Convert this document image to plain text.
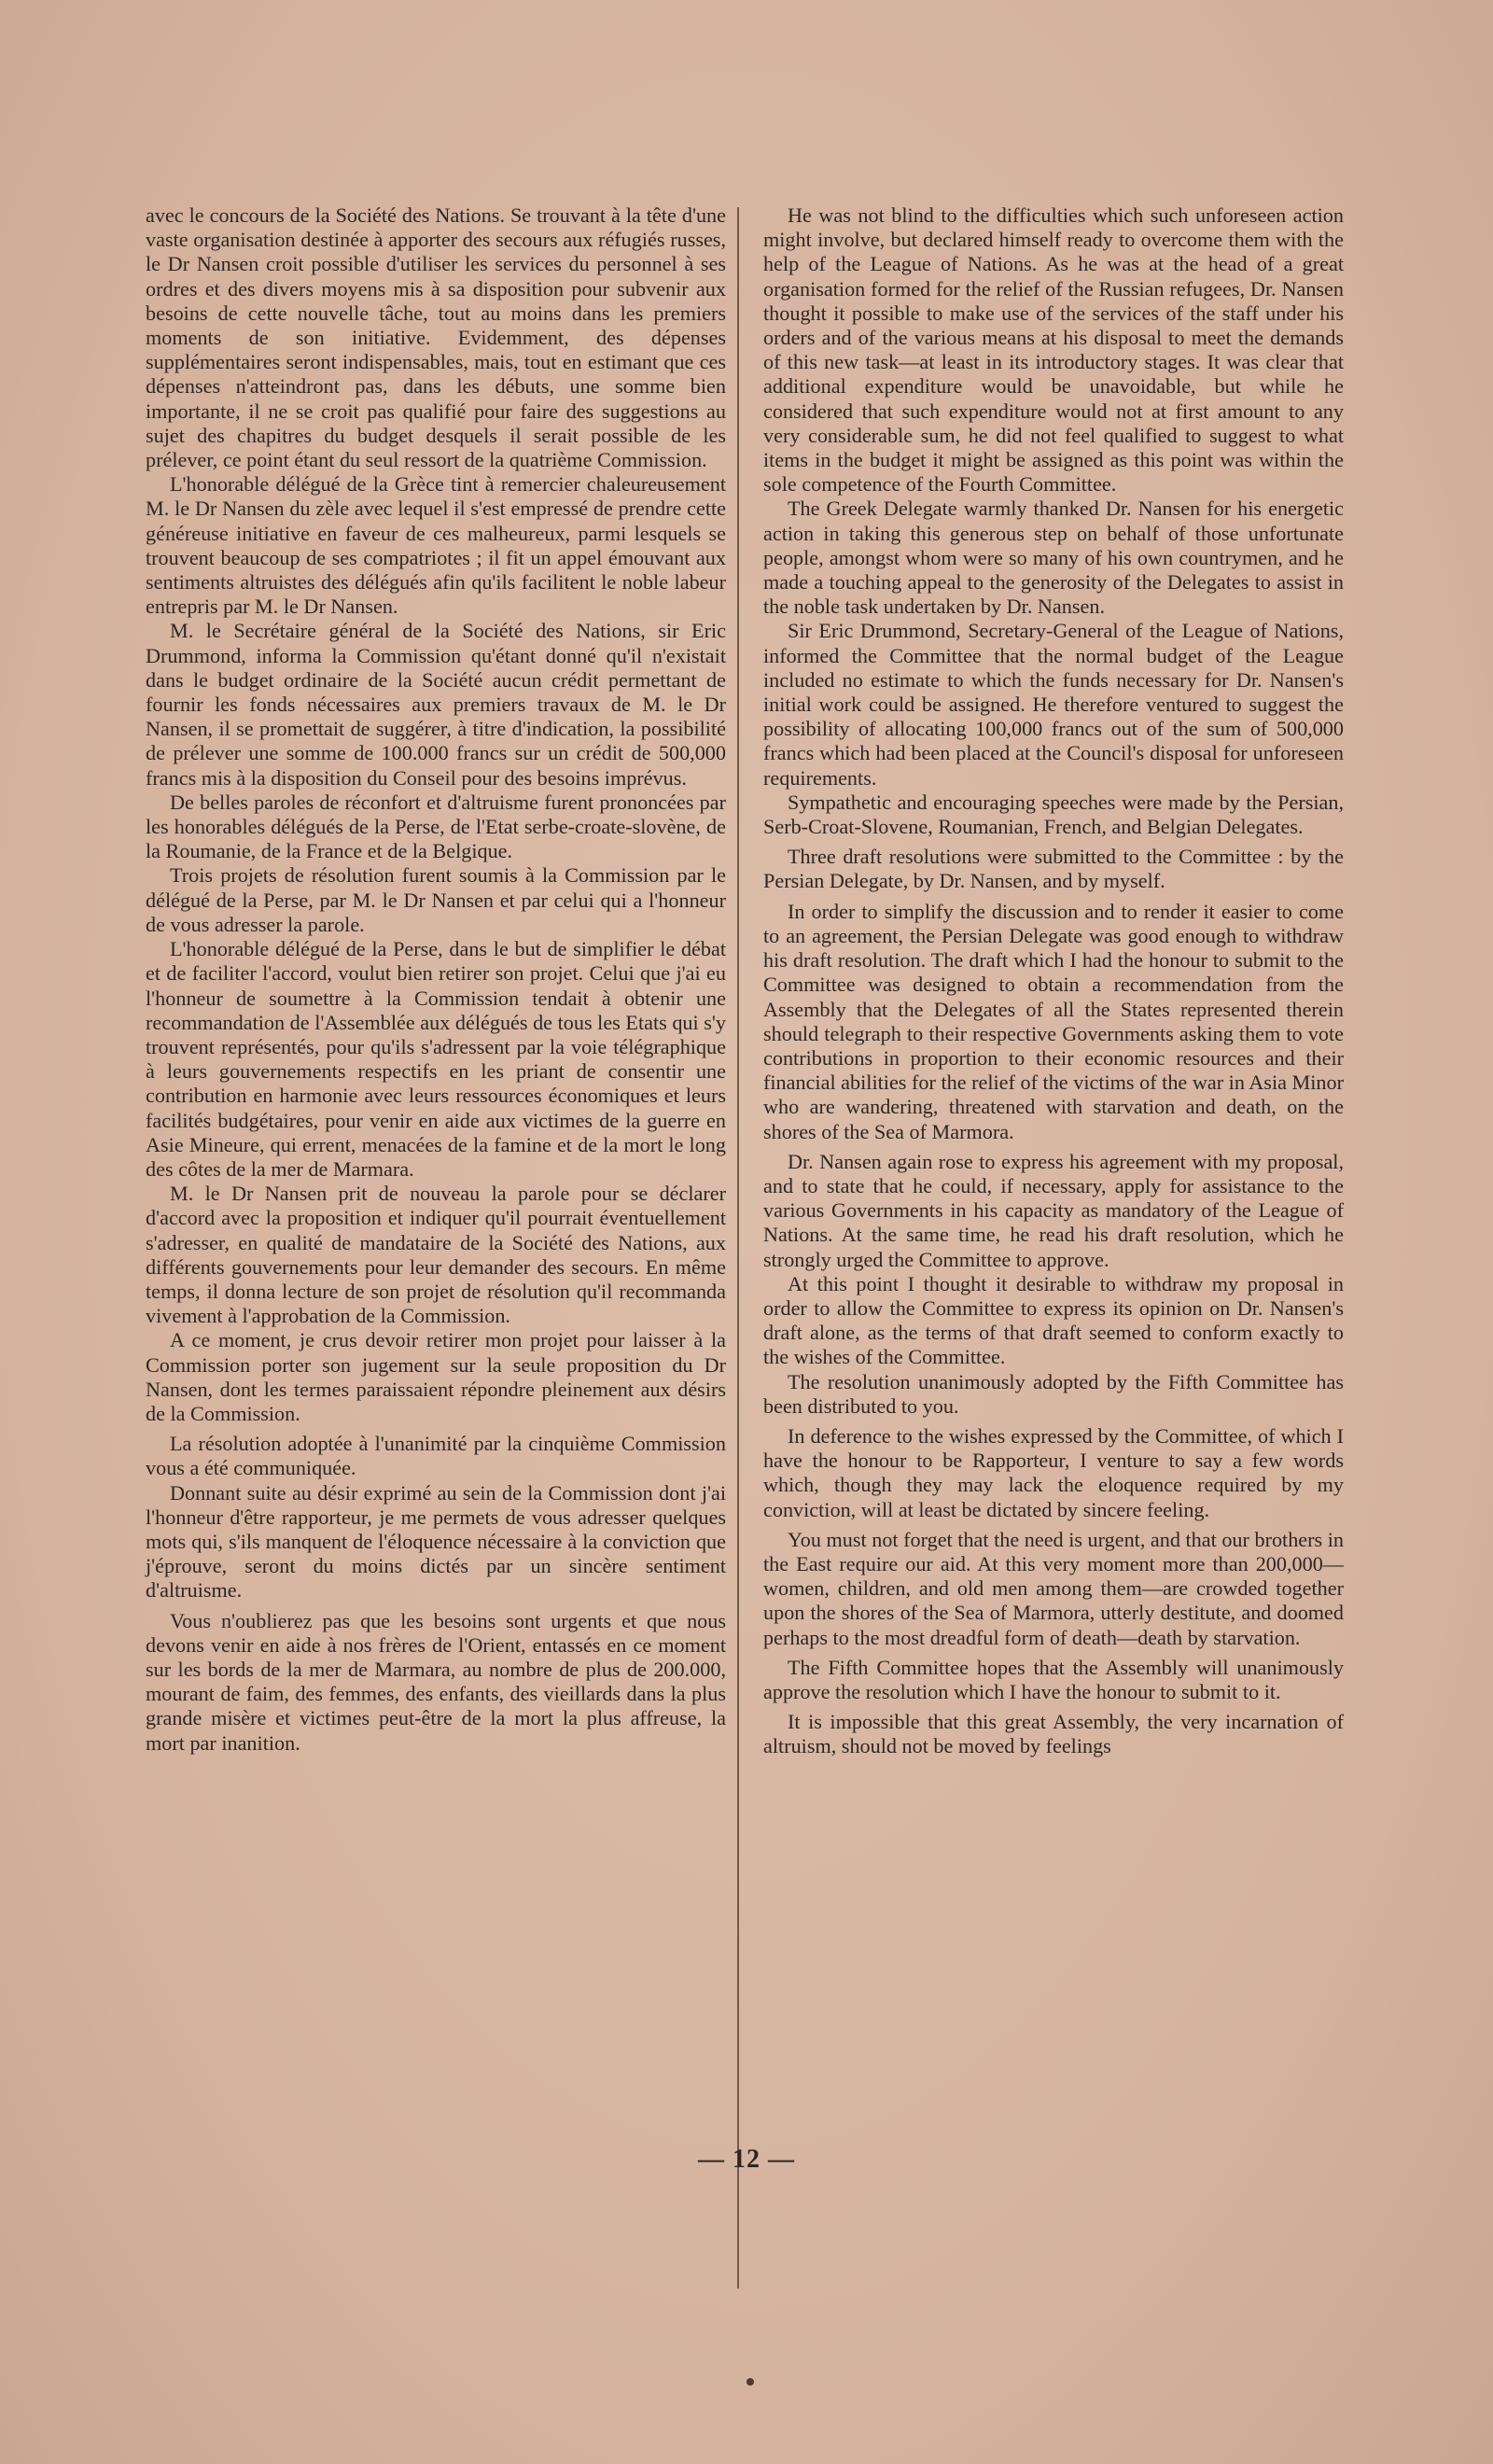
avec le concours de la Société des Nations. Se trouvant à la tête d'une vaste organisation destinée à apporter des secours aux réfugiés russes, le Dr Nansen croit possible d'utiliser les services du personnel à ses ordres et des divers moyens mis à sa disposition pour subvenir aux besoins de cette nouvelle tâche, tout au moins dans les premiers moments de son initiative. Evidemment, des dépenses supplémentaires seront indispensables, mais, tout en estimant que ces dépenses n'atteindront pas, dans les débuts, une somme bien importante, il ne se croit pas qualifié pour faire des suggestions au sujet des chapitres du budget desquels il serait possible de les prélever, ce point étant du seul ressort de la quatrième Commission.

L'honorable délégué de la Grèce tint à remercier chaleureusement M. le Dr Nansen du zèle avec lequel il s'est empressé de prendre cette généreuse initiative en faveur de ces malheureux, parmi lesquels se trouvent beaucoup de ses compatriotes ; il fit un appel émouvant aux sentiments altruistes des délégués afin qu'ils facilitent le noble labeur entrepris par M. le Dr Nansen.

M. le Secrétaire général de la Société des Nations, sir Eric Drummond, informa la Commission qu'étant donné qu'il n'existait dans le budget ordinaire de la Société aucun crédit permettant de fournir les fonds nécessaires aux premiers travaux de M. le Dr Nansen, il se promettait de suggérer, à titre d'indication, la possibilité de prélever une somme de 100.000 francs sur un crédit de 500,000 francs mis à la disposition du Conseil pour des besoins imprévus.

De belles paroles de réconfort et d'altruisme furent prononcées par les honorables délégués de la Perse, de l'Etat serbe-croate-slovène, de la Roumanie, de la France et de la Belgique.

Trois projets de résolution furent soumis à la Commission par le délégué de la Perse, par M. le Dr Nansen et par celui qui a l'honneur de vous adresser la parole.

L'honorable délégué de la Perse, dans le but de simplifier le débat et de faciliter l'accord, voulut bien retirer son projet. Celui que j'ai eu l'honneur de soumettre à la Commission tendait à obtenir une recommandation de l'Assemblée aux délégués de tous les Etats qui s'y trouvent représentés, pour qu'ils s'adressent par la voie télégraphique à leurs gouvernements respectifs en les priant de consentir une contribution en harmonie avec leurs ressources économiques et leurs facilités budgétaires, pour venir en aide aux victimes de la guerre en Asie Mineure, qui errent, menacées de la famine et de la mort le long des côtes de la mer de Marmara.

M. le Dr Nansen prit de nouveau la parole pour se déclarer d'accord avec la proposition et indiquer qu'il pourrait éventuellement s'adresser, en qualité de mandataire de la Société des Nations, aux différents gouvernements pour leur demander des secours. En même temps, il donna lecture de son projet de résolution qu'il recommanda vivement à l'approbation de la Commission.

A ce moment, je crus devoir retirer mon projet pour laisser à la Commission porter son jugement sur la seule proposition du Dr Nansen, dont les termes paraissaient répondre pleinement aux désirs de la Commission.

La résolution adoptée à l'unanimité par la cinquième Commission vous a été communiquée.

Donnant suite au désir exprimé au sein de la Commission dont j'ai l'honneur d'être rapporteur, je me permets de vous adresser quelques mots qui, s'ils manquent de l'éloquence nécessaire à la conviction que j'éprouve, seront du moins dictés par un sincère sentiment d'altruisme.

Vous n'oublierez pas que les besoins sont urgents et que nous devons venir en aide à nos frères de l'Orient, entassés en ce moment sur les bords de la mer de Marmara, au nombre de plus de 200.000, mourant de faim, des femmes, des enfants, des vieillards dans la plus grande misère et victimes peut-être de la mort la plus affreuse, la mort par inanition.

He was not blind to the difficulties which such unforeseen action might involve, but declared himself ready to overcome them with the help of the League of Nations. As he was at the head of a great organisation formed for the relief of the Russian refugees, Dr. Nansen thought it possible to make use of the services of the staff under his orders and of the various means at his disposal to meet the demands of this new task—at least in its introductory stages. It was clear that additional expenditure would be unavoidable, but while he considered that such expenditure would not at first amount to any very considerable sum, he did not feel qualified to suggest to what items in the budget it might be assigned as this point was within the sole competence of the Fourth Committee.

The Greek Delegate warmly thanked Dr. Nansen for his energetic action in taking this generous step on behalf of those unfortunate people, amongst whom were so many of his own countrymen, and he made a touching appeal to the generosity of the Delegates to assist in the noble task undertaken by Dr. Nansen.

Sir Eric Drummond, Secretary-General of the League of Nations, informed the Committee that the normal budget of the League included no estimate to which the funds necessary for Dr. Nansen's initial work could be assigned. He therefore ventured to suggest the possibility of allocating 100,000 francs out of the sum of 500,000 francs which had been placed at the Council's disposal for unforeseen requirements.

Sympathetic and encouraging speeches were made by the Persian, Serb-Croat-Slovene, Roumanian, French, and Belgian Delegates.

Three draft resolutions were submitted to the Committee : by the Persian Delegate, by Dr. Nansen, and by myself.

In order to simplify the discussion and to render it easier to come to an agreement, the Persian Delegate was good enough to withdraw his draft resolution. The draft which I had the honour to submit to the Committee was designed to obtain a recommendation from the Assembly that the Delegates of all the States represented therein should telegraph to their respective Governments asking them to vote contributions in proportion to their economic resources and their financial abilities for the relief of the victims of the war in Asia Minor who are wandering, threatened with starvation and death, on the shores of the Sea of Marmora.

Dr. Nansen again rose to express his agreement with my proposal, and to state that he could, if necessary, apply for assistance to the various Governments in his capacity as mandatory of the League of Nations. At the same time, he read his draft resolution, which he strongly urged the Committee to approve.

At this point I thought it desirable to withdraw my proposal in order to allow the Committee to express its opinion on Dr. Nansen's draft alone, as the terms of that draft seemed to conform exactly to the wishes of the Committee.

The resolution unanimously adopted by the Fifth Committee has been distributed to you.

In deference to the wishes expressed by the Committee, of which I have the honour to be Rapporteur, I venture to say a few words which, though they may lack the eloquence required by my conviction, will at least be dictated by sincere feeling.

You must not forget that the need is urgent, and that our brothers in the East require our aid. At this very moment more than 200,000—women, children, and old men among them—are crowded together upon the shores of the Sea of Marmora, utterly destitute, and doomed perhaps to the most dreadful form of death—death by starvation.

The Fifth Committee hopes that the Assembly will unanimously approve the resolution which I have the honour to submit to it.

It is impossible that this great Assembly, the very incarnation of altruism, should not be moved by feelings

— 12 —
